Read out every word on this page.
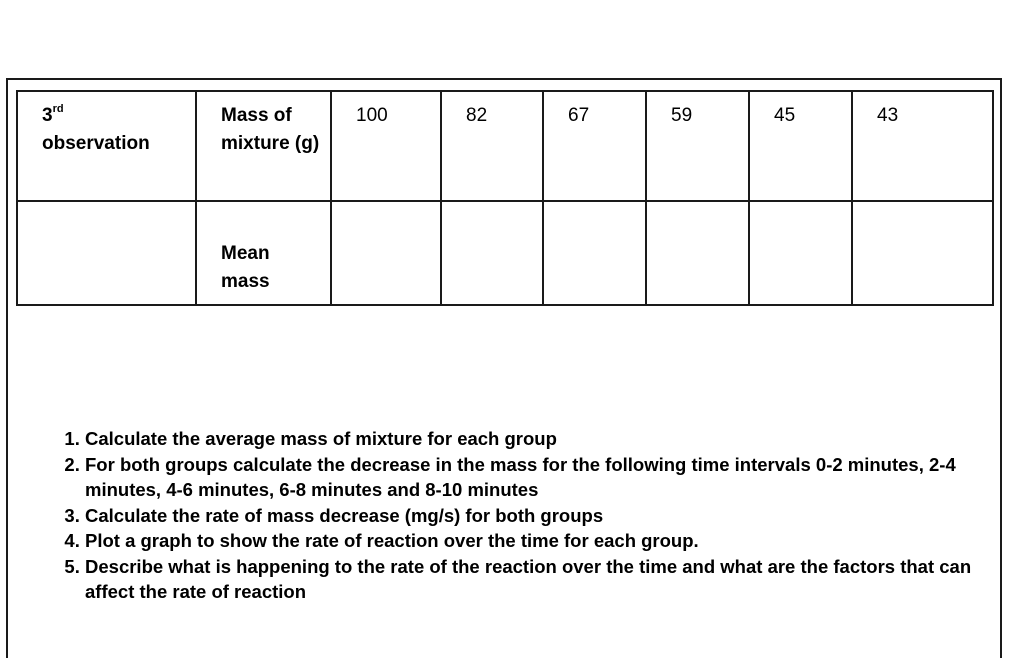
3rd
observation	Mass of mixture (g)	100	82	67	59	45	43
	Mean mass						
1. Calculate the average mass of mixture for each group
2. For both groups calculate the decrease in the mass for the following time intervals 0-2 minutes, 2-4 minutes, 4-6 minutes, 6-8 minutes and 8-10 minutes
3. Calculate the rate of mass decrease (mg/s) for both groups
4. Plot a graph to show the rate of reaction over the time for each group.
5. Describe what is happening to the rate of the reaction over the time and what are the factors that can affect the rate of reaction
